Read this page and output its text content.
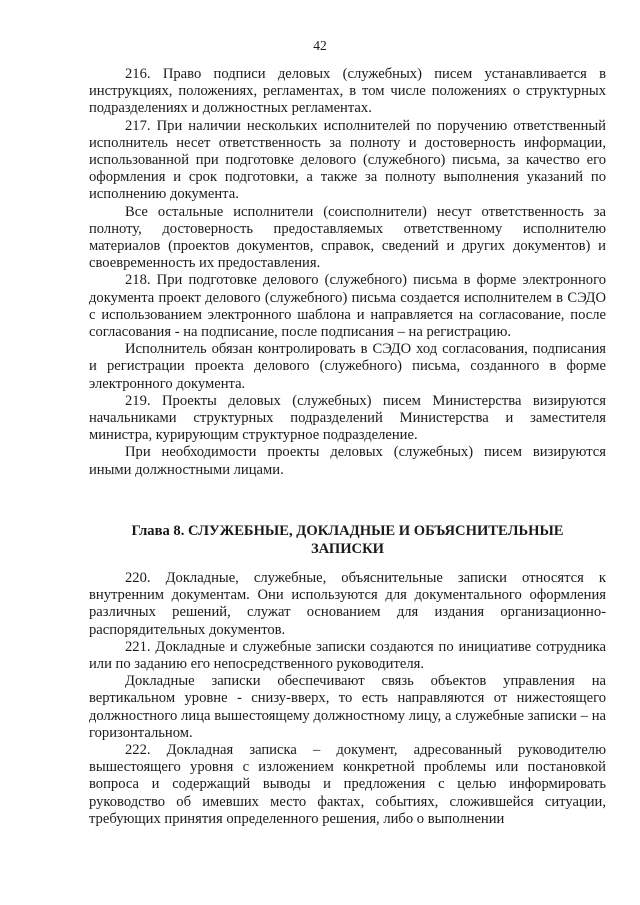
42

216. Право подписи деловых (служебных) писем устанавливается в инструкциях, положениях, регламентах, в том числе положениях о структурных подразделениях и должностных регламентах.

217. При наличии нескольких исполнителей по поручению ответственный исполнитель несет ответственность за полноту и достоверность информации, использованной при подготовке делового (служебного) письма, за качество его оформления и срок подготовки, а также за полноту выполнения указаний по исполнению документа.

Все остальные исполнители (соисполнители) несут ответственность за полноту, достоверность предоставляемых ответственному исполнителю материалов (проектов документов, справок, сведений и других документов) и своевременность их предоставления.

218. При подготовке делового (служебного) письма в форме электронного документа проект делового (служебного) письма создается исполнителем в СЭДО с использованием электронного шаблона и направляется на согласование, после согласования - на подписание, после подписания – на регистрацию.

Исполнитель обязан контролировать в СЭДО ход согласования, подписания и регистрации проекта делового (служебного) письма, созданного в форме электронного документа.

219. Проекты деловых (служебных) писем Министерства визируются начальниками структурных подразделений Министерства и заместителя министра, курирующим структурное подразделение.

При необходимости проекты деловых (служебных) писем визируются иными должностными лицами.

Глава 8. СЛУЖЕБНЫЕ, ДОКЛАДНЫЕ И ОБЪЯСНИТЕЛЬНЫЕ
ЗАПИСКИ

220. Докладные, служебные, объяснительные записки относятся к внутренним документам. Они используются для документального оформления различных решений, служат основанием для издания организационно-распорядительных документов.

221. Докладные и служебные записки создаются по инициативе сотрудника или по заданию его непосредственного руководителя.

Докладные записки обеспечивают связь объектов управления на вертикальном уровне - снизу-вверх, то есть направляются от нижестоящего должностного лица вышестоящему должностному лицу, а служебные записки – на горизонтальном.

222. Докладная записка – документ, адресованный руководителю вышестоящего уровня с изложением конкретной проблемы или постановкой вопроса и содержащий выводы и предложения с целью информировать руководство об имевших место фактах, событиях, сложившейся ситуации, требующих принятия определенного решения, либо о выполнении
